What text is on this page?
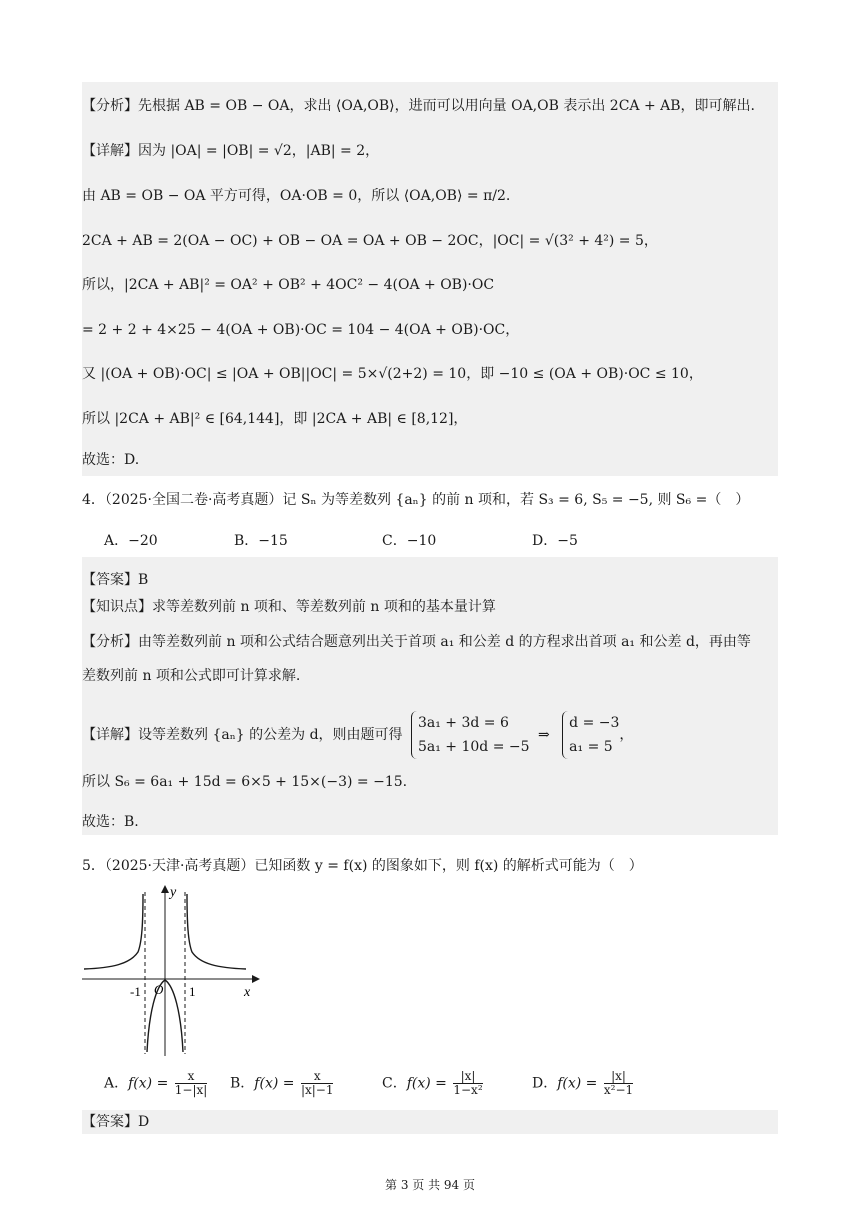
【分析】先根据 AB = OB − OA，求出 ⟨OA,OB⟩，进而可以用向量 OA,OB 表示出 2CA + AB，即可解出.
【详解】因为 |OA| = |OB| = √2，|AB| = 2，
由 AB = OB − OA 平方可得，OA·OB = 0，所以 ⟨OA,OB⟩ = π/2.
2CA + AB = 2(OA − OC) + OB − OA = OA + OB − 2OC，|OC| = √(3² + 4²) = 5，
所以，|2CA + AB|² = OA² + OB² + 4OC² − 4(OA + OB)·OC
= 2 + 2 + 4×25 − 4(OA + OB)·OC = 104 − 4(OA + OB)·OC，
又 |(OA + OB)·OC| ≤ |OA + OB||OC| = 5×√(2+2) = 10，即 −10 ≤ (OA + OB)·OC ≤ 10，
所以 |2CA + AB|² ∈ [64,144]，即 |2CA + AB| ∈ [8,12]，
故选：D.
4．（2025·全国二卷·高考真题）记 Sₙ 为等差数列 {aₙ} 的前 n 项和，若 S₃ = 6, S₅ = −5, 则 S₆ =（　）
A．−20	B．−15	C．−10	D．−5
【答案】B
【知识点】求等差数列前 n 项和、等差数列前 n 项和的基本量计算
【分析】由等差数列前 n 项和公式结合题意列出关于首项 a₁ 和公差 d 的方程求出首项 a₁ 和公差 d，再由等
差数列前 n 项和公式即可计算求解.
【详解】设等差数列 {aₙ} 的公差为 d，则由题可得
3a₁ + 3d = 6
5a₁ + 10d = −5
⇒
d = −3
a₁ = 5
，
所以 S₆ = 6a₁ + 15d = 6×5 + 15×(−3) = −15.
故选：B.
5．（2025·天津·高考真题）已知函数 y = f(x) 的图象如下，则 f(x) 的解析式可能为（　）
y
x
O
-1	1
A．$f(x) = \frac{x}{1-|x|}$ B．$f(x) = \frac{x}{|x|-1}$	C．$f(x) = \frac{|x|}{\text{1−x²}}$	D．$f(x) = \frac{|x|}{\text{x²−1}}$
【答案】D
第 3 页 共 94 页
